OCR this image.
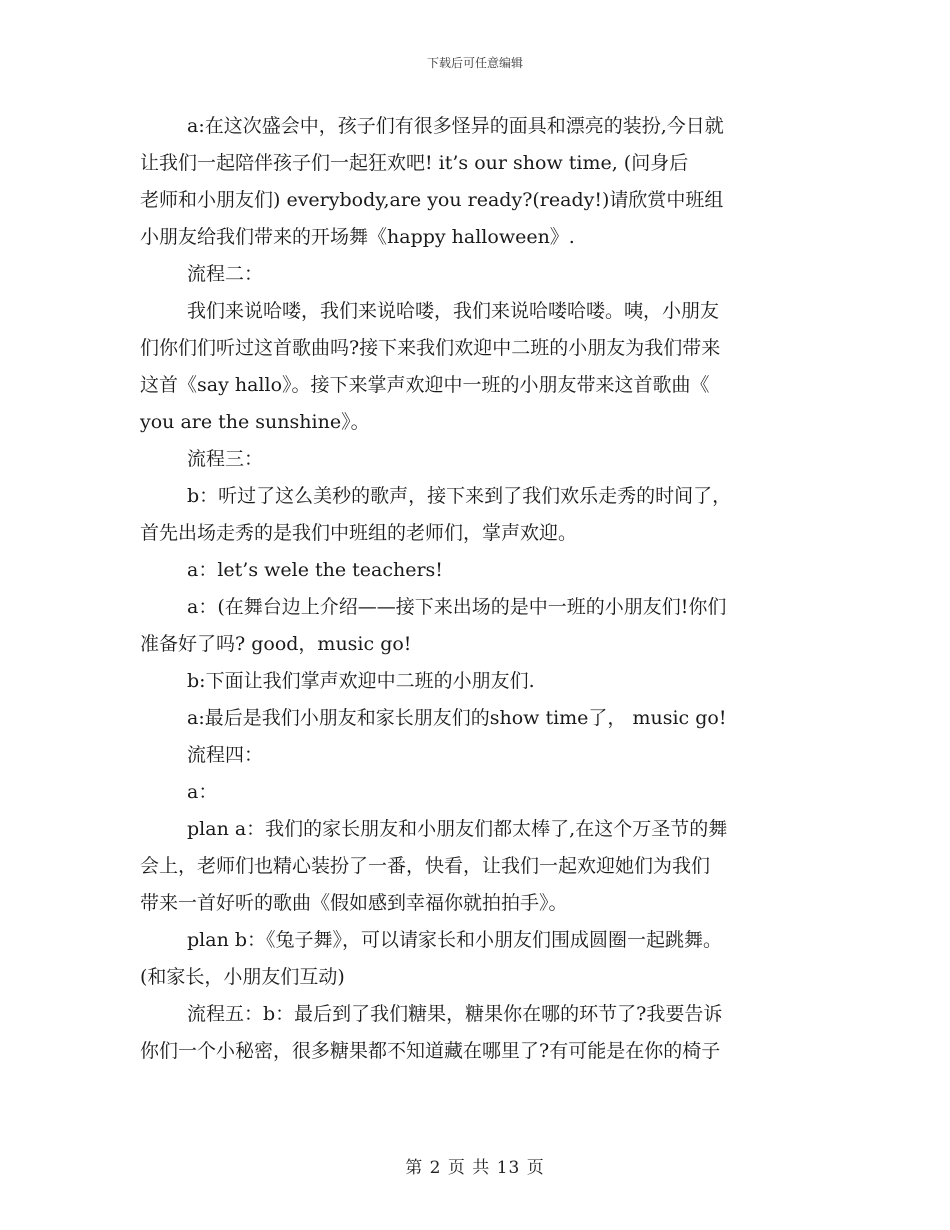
下载后可任意编辑
a:在这次盛会中，孩子们有很多怪异的面具和漂亮的装扮,今日就
让我们一起陪伴孩子们一起狂欢吧! it’s our show time, (问身后
老师和小朋友们) everybody,are you ready?(ready!)请欣赏中班组
小朋友给我们带来的开场舞《happy halloween》.
流程二：
我们来说哈喽，我们来说哈喽，我们来说哈喽哈喽。咦，小朋友
们你们们听过这首歌曲吗?接下来我们欢迎中二班的小朋友为我们带来
这首《say hallo》。接下来掌声欢迎中一班的小朋友带来这首歌曲《
you are the sunshine》。
流程三：
b：听过了这么美秒的歌声，接下来到了我们欢乐走秀的时间了，
首先出场走秀的是我们中班组的老师们，掌声欢迎。
a：let’s wele the teachers!
a：(在舞台边上介绍——接下来出场的是中一班的小朋友们!你们
准备好了吗? good，music go!
b:下面让我们掌声欢迎中二班的小朋友们.
a:最后是我们小朋友和家长朋友们的show time了， music go!
流程四：
a：
plan a：我们的家长朋友和小朋友们都太棒了,在这个万圣节的舞
会上，老师们也精心装扮了一番，快看，让我们一起欢迎她们为我们
带来一首好听的歌曲《假如感到幸福你就拍拍手》。
plan b：《兔子舞》，可以请家长和小朋友们围成圆圈一起跳舞。
(和家长，小朋友们互动)
流程五：b：最后到了我们糖果，糖果你在哪的环节了?我要告诉
你们一个小秘密，很多糖果都不知道藏在哪里了?有可能是在你的椅子
第 2 页 共 13 页
